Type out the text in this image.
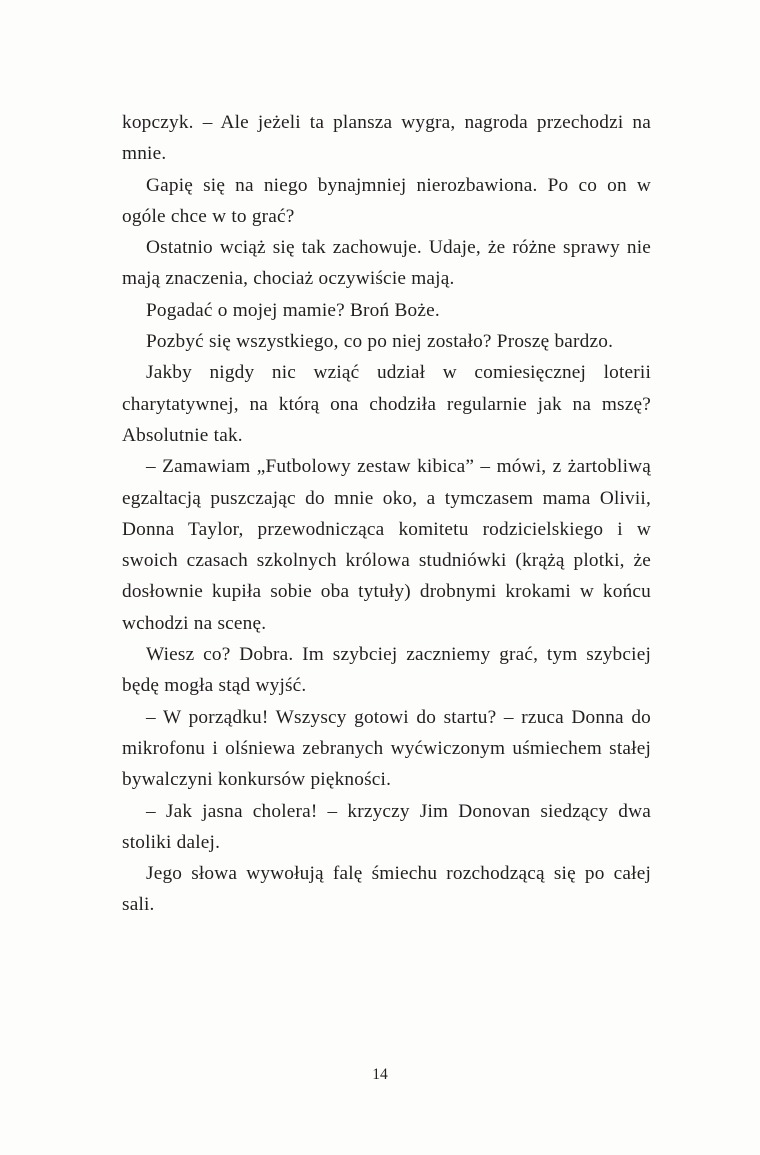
kopczyk. – Ale jeżeli ta plansza wygra, nagroda przechodzi na mnie.

Gapię się na niego bynajmniej nierozbawiona. Po co on w ogóle chce w to grać?

Ostatnio wciąż się tak zachowuje. Udaje, że różne sprawy nie mają znaczenia, chociaż oczywiście mają.

Pogadać o mojej mamie? Broń Boże.

Pozbyć się wszystkiego, co po niej zostało? Proszę bardzo.

Jakby nigdy nic wziąć udział w comiesięcznej loterii charytatywnej, na którą ona chodziła regularnie jak na mszę? Absolutnie tak.

– Zamawiam „Futbolowy zestaw kibica” – mówi, z żartobliwą egzaltacją puszczając do mnie oko, a tymczasem mama Olivii, Donna Taylor, przewodnicząca komitetu rodzicielskiego i w swoich czasach szkolnych królowa studniówki (krążą plotki, że dosłownie kupiła sobie oba tytuły) drobnymi krokami w końcu wchodzi na scenę.

Wiesz co? Dobra. Im szybciej zaczniemy grać, tym szybciej będę mogła stąd wyjść.

– W porządku! Wszyscy gotowi do startu? – rzuca Donna do mikrofonu i olśniewa zebranych wyćwiczonym uśmiechem stałej bywalczyni konkursów piękności.

– Jak jasna cholera! – krzyczy Jim Donovan siedzący dwa stoliki dalej.

Jego słowa wywołują falę śmiechu rozchodzącą się po całej sali.

14
